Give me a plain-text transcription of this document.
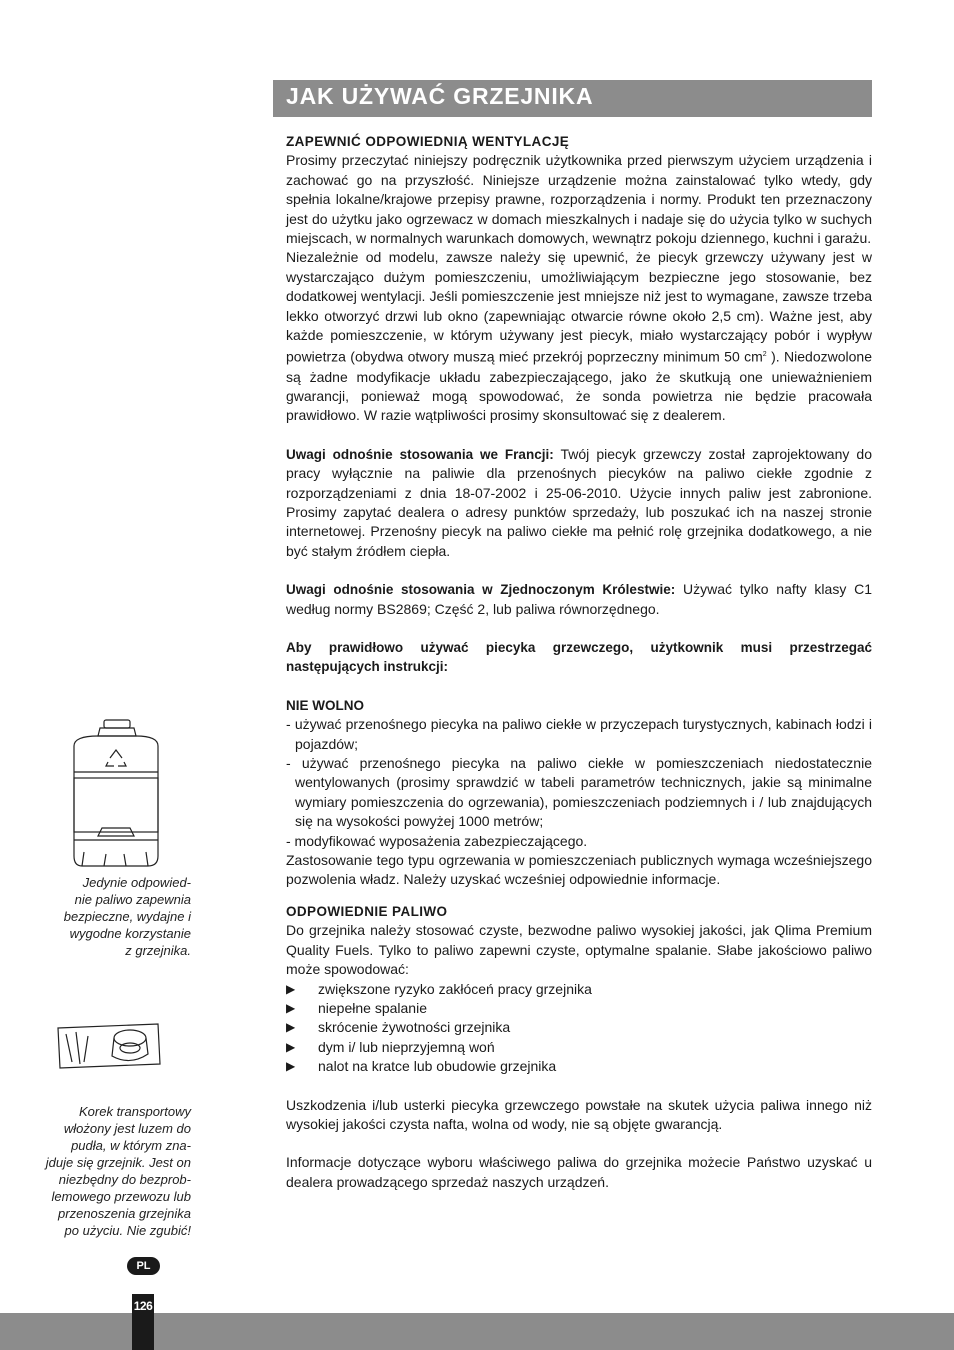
JAK UŻYWAĆ GRZEJNIKA

ZAPEWNIĆ ODPOWIEDNIĄ WENTYLACJĘ

Prosimy przeczytać niniejszy podręcznik użytkownika przed pierwszym użyciem urządzenia i zachować go na przyszłość. Niniejsze urządzenie można zainstalować tylko wtedy, gdy spełnia lokalne/krajowe przepisy prawne, rozporządzenia i normy. Produkt ten przeznaczony jest do użytku jako ogrzewacz w domach mieszkalnych i nadaje się do użycia tylko w suchych miejscach, w normalnych warunkach domowych, wewnątrz pokoju dziennego, kuchni i garażu.

Niezależnie od modelu, zawsze należy się upewnić, że piecyk grzewczy używany jest w wystarczająco dużym pomieszczeniu, umożliwiającym bezpieczne jego stosowanie, bez dodatkowej wentylacji. Jeśli pomieszczenie jest mniejsze niż jest to wymagane, zawsze trzeba lekko otworzyć drzwi lub okno (zapewniając otwarcie równe około 2,5 cm). Ważne jest, aby każde pomieszczenie, w którym używany jest piecyk, miało wystarczający pobór i wypływ powietrza (obydwa otwory muszą mieć przekrój poprzeczny minimum 50 $cm^2$ ). Niedozwolone są żadne modyfikacje układu zabezpieczającego, jako że skutkują one unieważnieniem gwarancji, ponieważ mogą spowodować, że sonda powietrza nie będzie pracowała prawidłowo. W razie wątpliwości prosimy skonsultować się z dealerem.

Uwagi odnośnie stosowania we Francji: Twój piecyk grzewczy został zaprojektowany do pracy wyłącznie na paliwie dla przenośnych piecyków na paliwo ciekłe zgodnie z rozporządzeniami z dnia 18-07-2002 i 25-06-2010. Użycie innych paliw jest zabronione. Prosimy zapytać dealera o adresy punktów sprzedaży, lub poszukać ich na naszej stronie internetowej. Przenośny piecyk na paliwo ciekłe ma pełnić rolę grzejnika dodatkowego, a nie być stałym źródłem ciepła.

Uwagi odnośnie stosowania w Zjednoczonym Królestwie: Używać tylko nafty klasy C1 według normy BS2869; Część 2, lub paliwa równorzędnego.

Aby prawidłowo używać piecyka grzewczego, użytkownik musi przestrzegać następujących instrukcji:

NIE WOLNO

- używać przenośnego piecyka na paliwo ciekłe w przyczepach turystycznych, kabinach łodzi i pojazdów;

- używać przenośnego piecyka na paliwo ciekłe w pomieszczeniach niedostatecznie wentylowanych (prosimy sprawdzić w tabeli parametrów technicznych, jakie są minimalne wymiary pomieszczenia do ogrzewania), pomieszczeniach podziemnych i / lub znajdujących się na wysokości powyżej 1000 metrów;

- modyfikować wyposażenia zabezpieczającego.

Zastosowanie tego typu ogrzewania w pomieszczeniach publicznych wymaga wcześniejszego pozwolenia władz. Należy uzyskać wcześniej odpowiednie informacje.

ODPOWIEDNIE PALIWO

Do grzejnika należy stosować czyste, bezwodne paliwo wysokiej jakości, jak Qlima Premium Quality Fuels. Tylko to paliwo zapewni czyste, optymalne spalanie. Słabe jakościowo paliwo może spowodować:

▶ zwiększone ryzyko zakłóceń pracy grzejnika
▶ niepełne spalanie
▶ skrócenie żywotności grzejnika
▶ dym i/ lub nieprzyjemną woń
▶ nalot na kratce lub obudowie grzejnika

Uszkodzenia i/lub usterki piecyka grzewczego powstałe na skutek użycia paliwa innego niż wysokiej jakości czysta nafta, wolna od wody, nie są objęte gwarancją.

Informacje dotyczące wyboru właściwego paliwa do grzejnika możecie Państwo uzyskać u dealera prowadzącego sprzedaż naszych urządzeń.

Jedynie odpowied-
nie paliwo zapewnia
bezpieczne, wydajne i
wygodne korzystanie
z grzejnika.
Korek transportowy
włożony jest luzem do
pudła, w którym zna-
jduje się grzejnik. Jest on
niezbędny do bezprob-
lemowego przewozu lub
przenoszenia grzejnika
po użyciu. Nie zgubić!
PL
126
